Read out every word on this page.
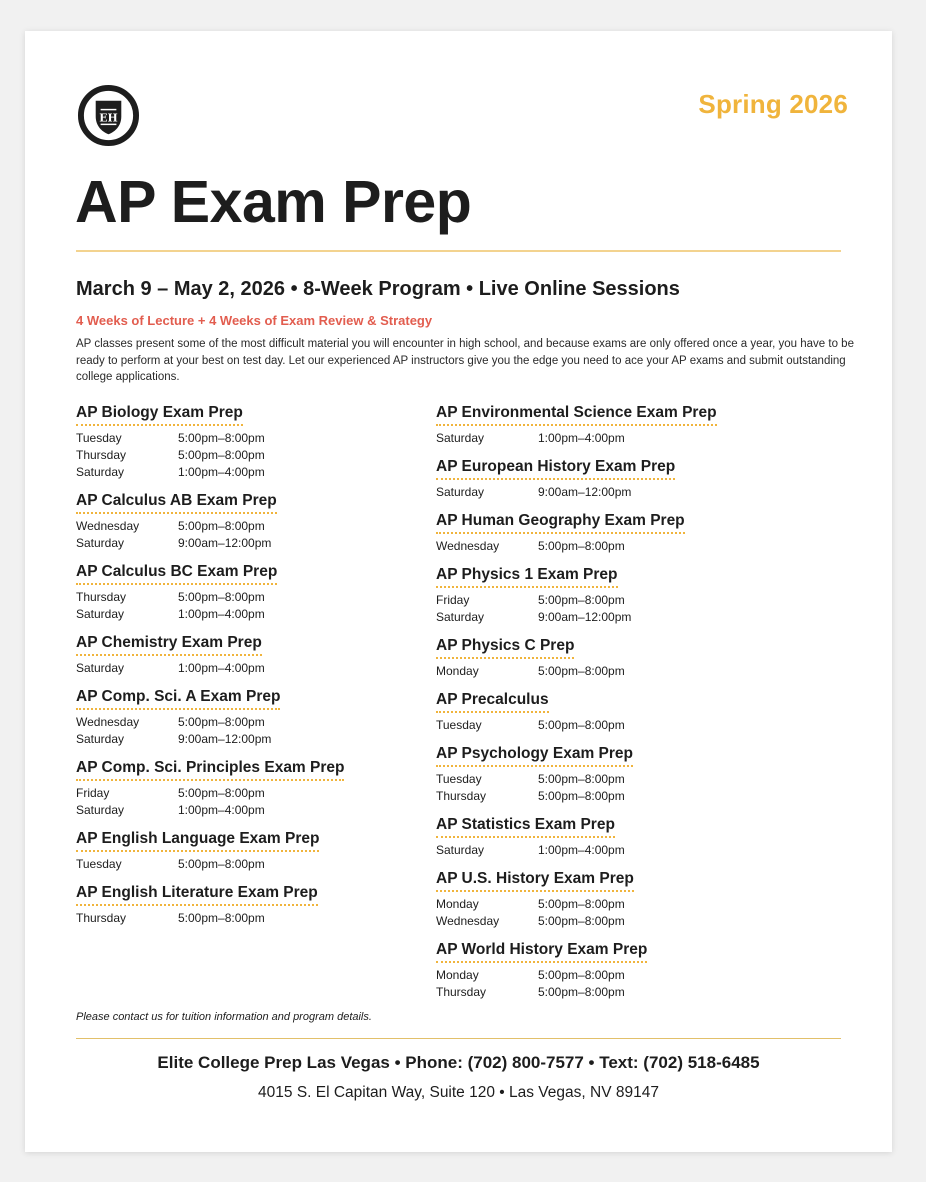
EH	Spring 2026
AP Exam Prep
March 9 – May 2, 2026 • 8-Week Program • Live Online Sessions
4 Weeks of Lecture + 4 Weeks of Exam Review & Strategy

AP classes present some of the most difficult material you will encounter in high school, and because exams are only offered once a year, you have to be ready to perform at your best on test day. Let our experienced AP instructors give you the edge you need to ace your AP exams and submit outstanding college applications.

AP Biology Exam Prep
Tuesday	5:00pm–8:00pm
Thursday	5:00pm–8:00pm
Saturday	1:00pm–4:00pm
AP Calculus AB Exam Prep
Wednesday	5:00pm–8:00pm
Saturday	9:00am–12:00pm
AP Calculus BC Exam Prep
Thursday	5:00pm–8:00pm
Saturday	1:00pm–4:00pm
AP Chemistry Exam Prep
Saturday	1:00pm–4:00pm
AP Comp. Sci. A Exam Prep
Wednesday	5:00pm–8:00pm
Saturday	9:00am–12:00pm
AP Comp. Sci. Principles Exam Prep
Friday	5:00pm–8:00pm
Saturday	1:00pm–4:00pm
AP English Language Exam Prep
Tuesday	5:00pm–8:00pm
AP English Literature Exam Prep
Thursday	5:00pm–8:00pm
AP Environmental Science Exam Prep
Saturday	1:00pm–4:00pm
AP European History Exam Prep
Saturday	9:00am–12:00pm
AP Human Geography Exam Prep
Wednesday	5:00pm–8:00pm
AP Physics 1 Exam Prep
Friday	5:00pm–8:00pm
Saturday	9:00am–12:00pm
AP Physics C Prep
Monday	5:00pm–8:00pm
AP Precalculus
Tuesday	5:00pm–8:00pm
AP Psychology Exam Prep
Tuesday	5:00pm–8:00pm
Thursday	5:00pm–8:00pm
AP Statistics Exam Prep
Saturday	1:00pm–4:00pm
AP U.S. History Exam Prep
Monday	5:00pm–8:00pm
Wednesday	5:00pm–8:00pm
AP World History Exam Prep
Monday	5:00pm–8:00pm
Thursday	5:00pm–8:00pm
Please contact us for tuition information and program details.
Elite College Prep Las Vegas • Phone: (702) 800-7577 • Text: (702) 518-6485
4015 S. El Capitan Way, Suite 120 • Las Vegas, NV 89147
